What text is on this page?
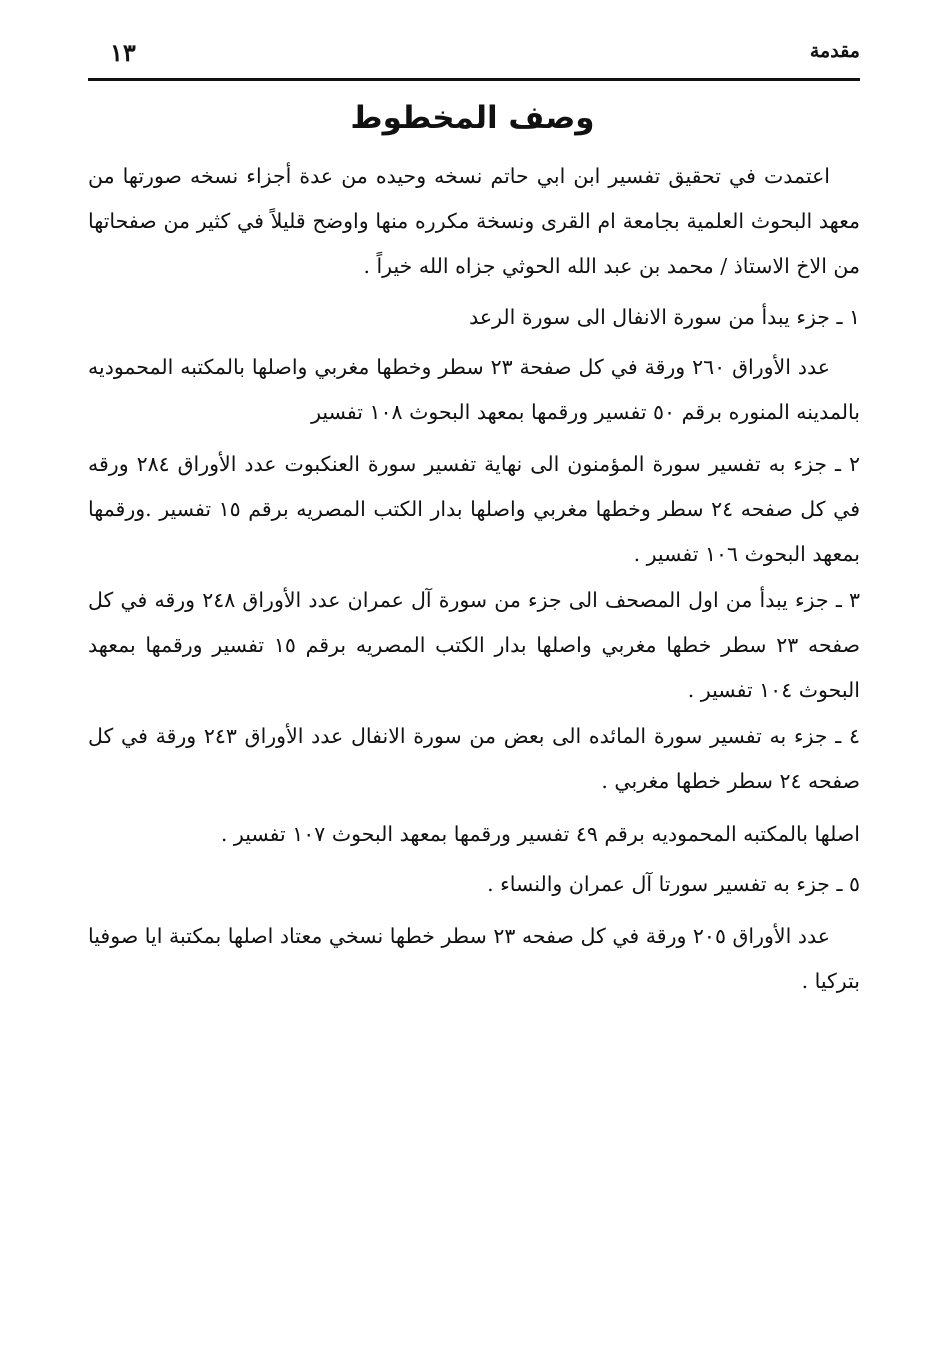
مقدمة
١٣
وصف المخطوط

اعتمدت في تحقيق تفسير ابن ابي حاتم نسخه وحيده من عدة أجزاء نسخه صورتها من معهد البحوث العلمية بجامعة ام القرى ونسخة مكرره منها واوضح قليلاً في كثير من صفحاتها من الاخ الاستاذ / محمد بن عبد الله الحوثي جزاه الله خيراً .

١ ـ جزء يبدأ من سورة الانفال الى سورة الرعد

عدد الأوراق ٢٦٠ ورقة في كل صفحة ٢٣ سطر وخطها مغربي واصلها بالمكتبه المحموديه بالمدينه المنوره برقم ٥٠ تفسير ورقمها بمعهد البحوث ١٠٨ تفسير

٢ ـ جزء به تفسير سورة المؤمنون الى نهاية تفسير سورة العنكبوت عدد الأوراق ٢٨٤ ورقه في كل صفحه ٢٤ سطر وخطها مغربي واصلها بدار الكتب المصريه برقم ١٥ تفسير .ورقمها بمعهد البحوث ١٠٦ تفسير .

٣ ـ جزء يبدأ من اول المصحف الى جزء من سورة آل عمران عدد الأوراق ٢٤٨ ورقه في كل صفحه ٢٣ سطر خطها مغربي واصلها بدار الكتب المصريه برقم ١٥ تفسير ورقمها بمعهد البحوث ١٠٤ تفسير .

٤ ـ جزء به تفسير سورة المائده الى بعض من سورة الانفال عدد الأوراق ٢٤٣ ورقة في كل صفحه ٢٤ سطر خطها مغربي .

اصلها بالمكتبه المحموديه برقم ٤٩ تفسير ورقمها بمعهد البحوث ١٠٧ تفسير .

٥ ـ جزء به تفسير سورتا آل عمران والنساء .

عدد الأوراق ٢٠٥ ورقة في كل صفحه ٢٣ سطر خطها نسخي معتاد اصلها بمكتبة ايا صوفيا بتركيا .
